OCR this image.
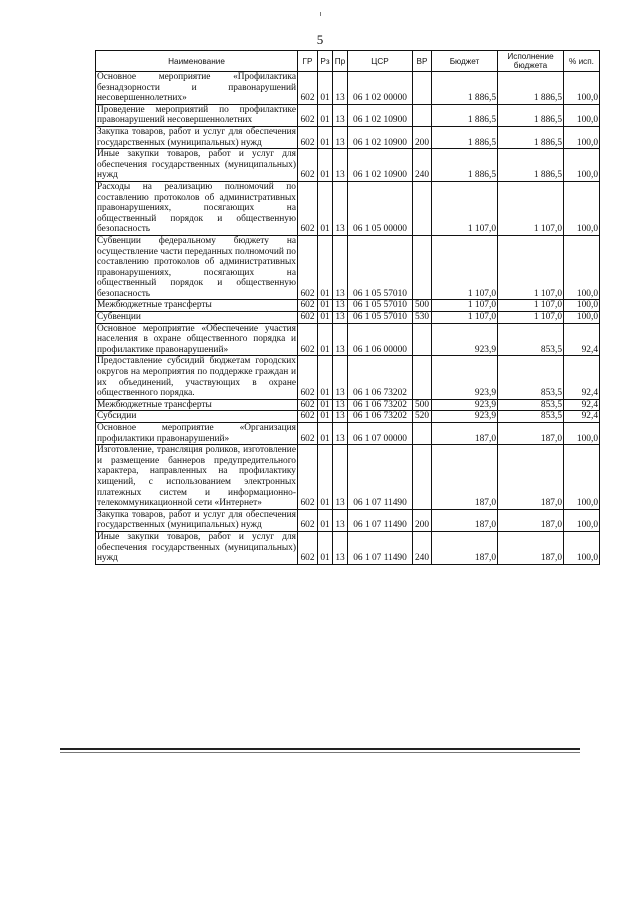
5
Наименование	ГР	Рз	Пр	ЦСР	ВР	Бюджет	Исполнение бюджета	% исп.
Основное мероприятие «Профилактика безнадзорности и правонарушений несовершеннолетних»	602	01	13	06 1 02 00000		1 886,5	1 886,5	100,0
Проведение мероприятий по профилактике правонарушений несовершеннолетних	602	01	13	06 1 02 10900		1 886,5	1 886,5	100,0
Закупка товаров, работ и услуг для обеспечения государственных (муниципальных) нужд	602	01	13	06 1 02 10900	200	1 886,5	1 886,5	100,0
Иные закупки товаров, работ и услуг для обеспечения государственных (муниципальных) нужд	602	01	13	06 1 02 10900	240	1 886,5	1 886,5	100,0
Расходы на реализацию полномочий по составлению протоколов об административных правонарушениях, посягающих на общественный порядок и общественную безопасность	602	01	13	06 1 05 00000		1 107,0	1 107,0	100,0
Субвенции федеральному бюджету на осуществление части переданных полномочий по составлению протоколов об административных правонарушениях, посягающих на общественный порядок и общественную безопасность	602	01	13	06 1 05 57010		1 107,0	1 107,0	100,0
Межбюджетные трансферты	602	01	13	06 1 05 57010	500	1 107,0	1 107,0	100,0
Субвенции	602	01	13	06 1 05 57010	530	1 107,0	1 107,0	100,0
Основное мероприятие «Обеспечение участия населения в охране общественного порядка и профилактике правонарушений»	602	01	13	06 1 06 00000		923,9	853,5	92,4
Предоставление субсидий бюджетам городских округов на мероприятия по поддержке граждан и их объединений, участвующих в охране общественного порядка.	602	01	13	06 1 06 73202		923,9	853,5	92,4
Межбюджетные трансферты	602	01	13	06 1 06 73202	500	923,9	853,5	92,4
Субсидии	602	01	13	06 1 06 73202	520	923,9	853,5	92,4
Основное мероприятие «Организация профилактики правонарушений»	602	01	13	06 1 07 00000		187,0	187,0	100,0
Изготовление, трансляция роликов, изготовление и размещение баннеров предупредительного характера, направленных на профилактику хищений, с использованием электронных платежных систем и информационно-телекоммуникационной сети «Интернет»	602	01	13	06 1 07 11490		187,0	187,0	100,0
Закупка товаров, работ и услуг для обеспечения государственных (муниципальных) нужд	602	01	13	06 1 07 11490	200	187,0	187,0	100,0
Иные закупки товаров, работ и услуг для обеспечения государственных (муниципальных) нужд	602	01	13	06 1 07 11490	240	187,0	187,0	100,0
